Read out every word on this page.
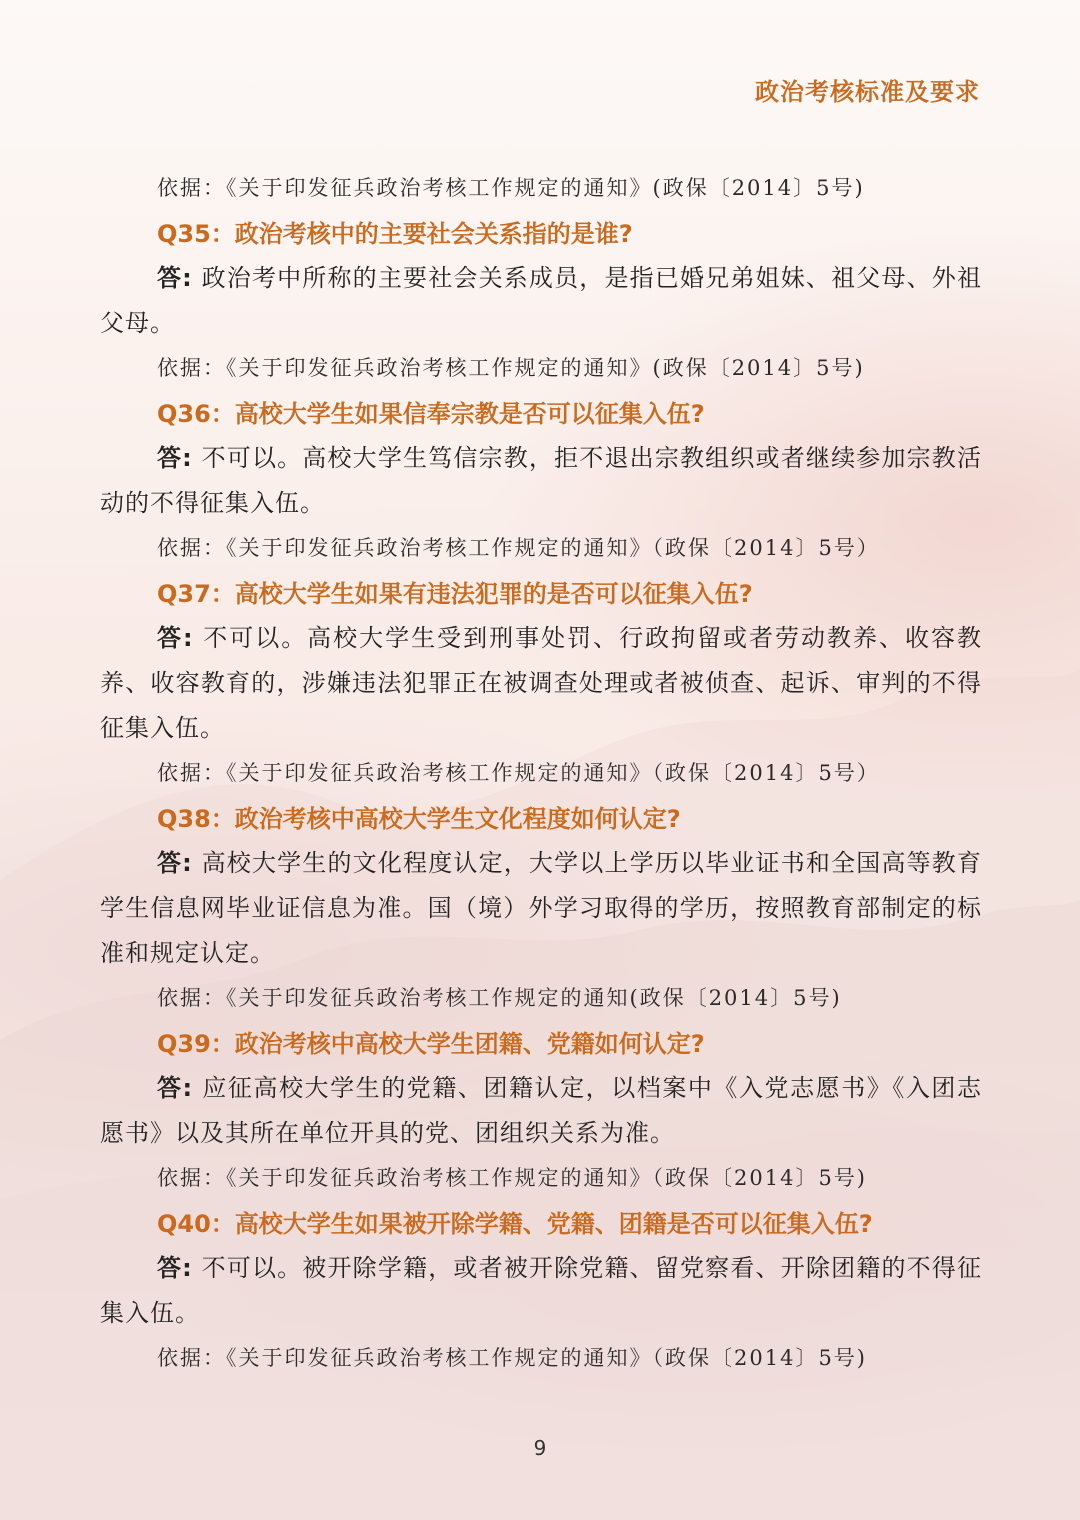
政治考核标准及要求
依据：《关于印发征兵政治考核工作规定的通知》(政保〔2014〕5号)
Q35：政治考核中的主要社会关系指的是谁?
答: 政治考中所称的主要社会关系成员，是指已婚兄弟姐妹、祖父母、外祖父母。
依据：《关于印发征兵政治考核工作规定的通知》(政保〔2014〕5号)
Q36：高校大学生如果信奉宗教是否可以征集入伍?
答: 不可以。高校大学生笃信宗教，拒不退出宗教组织或者继续参加宗教活动的不得征集入伍。
依据：《关于印发征兵政治考核工作规定的通知》（政保〔2014〕5号）
Q37：高校大学生如果有违法犯罪的是否可以征集入伍?
答: 不可以。高校大学生受到刑事处罚、行政拘留或者劳动教养、收容教养、收容教育的，涉嫌违法犯罪正在被调查处理或者被侦查、起诉、审判的不得征集入伍。
依据：《关于印发征兵政治考核工作规定的通知》（政保〔2014〕5号）
Q38：政治考核中高校大学生文化程度如何认定?
答: 高校大学生的文化程度认定，大学以上学历以毕业证书和全国高等教育学生信息网毕业证信息为准。国（境）外学习取得的学历，按照教育部制定的标准和规定认定。
依据：《关于印发征兵政治考核工作规定的通知(政保〔2014〕5号)
Q39：政治考核中高校大学生团籍、党籍如何认定?
答: 应征高校大学生的党籍、团籍认定，以档案中《入党志愿书》《入团志愿书》以及其所在单位开具的党、团组织关系为准。
依据：《关于印发征兵政治考核工作规定的通知》（政保〔2014〕5号)
Q40：高校大学生如果被开除学籍、党籍、团籍是否可以征集入伍?
答: 不可以。被开除学籍，或者被开除党籍、留党察看、开除团籍的不得征集入伍。
依据：《关于印发征兵政治考核工作规定的通知》（政保〔2014〕5号)
9
